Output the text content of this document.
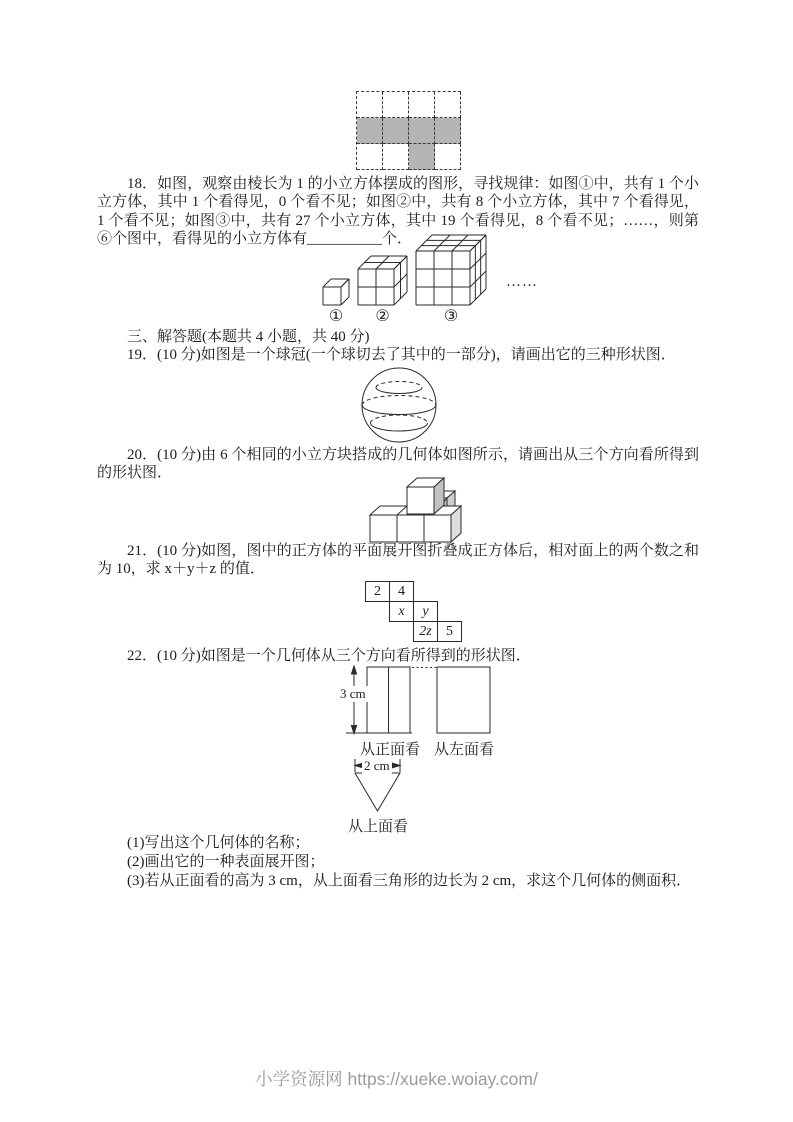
18．如图，观察由棱长为 1 的小立方体摆成的图形，寻找规律：如图①中，共有 1 个小立方体，其中 1 个看得见，0 个看不见；如图②中，共有 8 个小立方体，其中 7 个看得见，1 个看不见；如图③中，共有 27 个小立方体，其中 19 个看得见，8 个看不见；……，则第⑥个图中，看得见的小立方体有__________个．
……
①	②	③
三、解答题(本题共 4 小题，共 40 分)
19．(10 分)如图是一个球冠(一个球切去了其中的一部分)，请画出它的三种形状图．
20．(10 分)由 6 个相同的小立方块搭成的几何体如图所示，请画出从三个方向看所得到的形状图．
21．(10 分)如图，图中的正方体的平面展开图折叠成正方体后，相对面上的两个数之和为 10，求 x＋y＋z 的值．
2	4
x	y
2z	5
22．(10 分)如图是一个几何体从三个方向看所得到的形状图．
3 cm
从正面看 从左面看
2 cm
从上面看
(1)写出这个几何体的名称；
(2)画出它的一种表面展开图；
(3)若从正面看的高为 3 cm，从上面看三角形的边长为 2 cm，求这个几何体的侧面积．
小学资源网 https://xueke.woiay.com/
